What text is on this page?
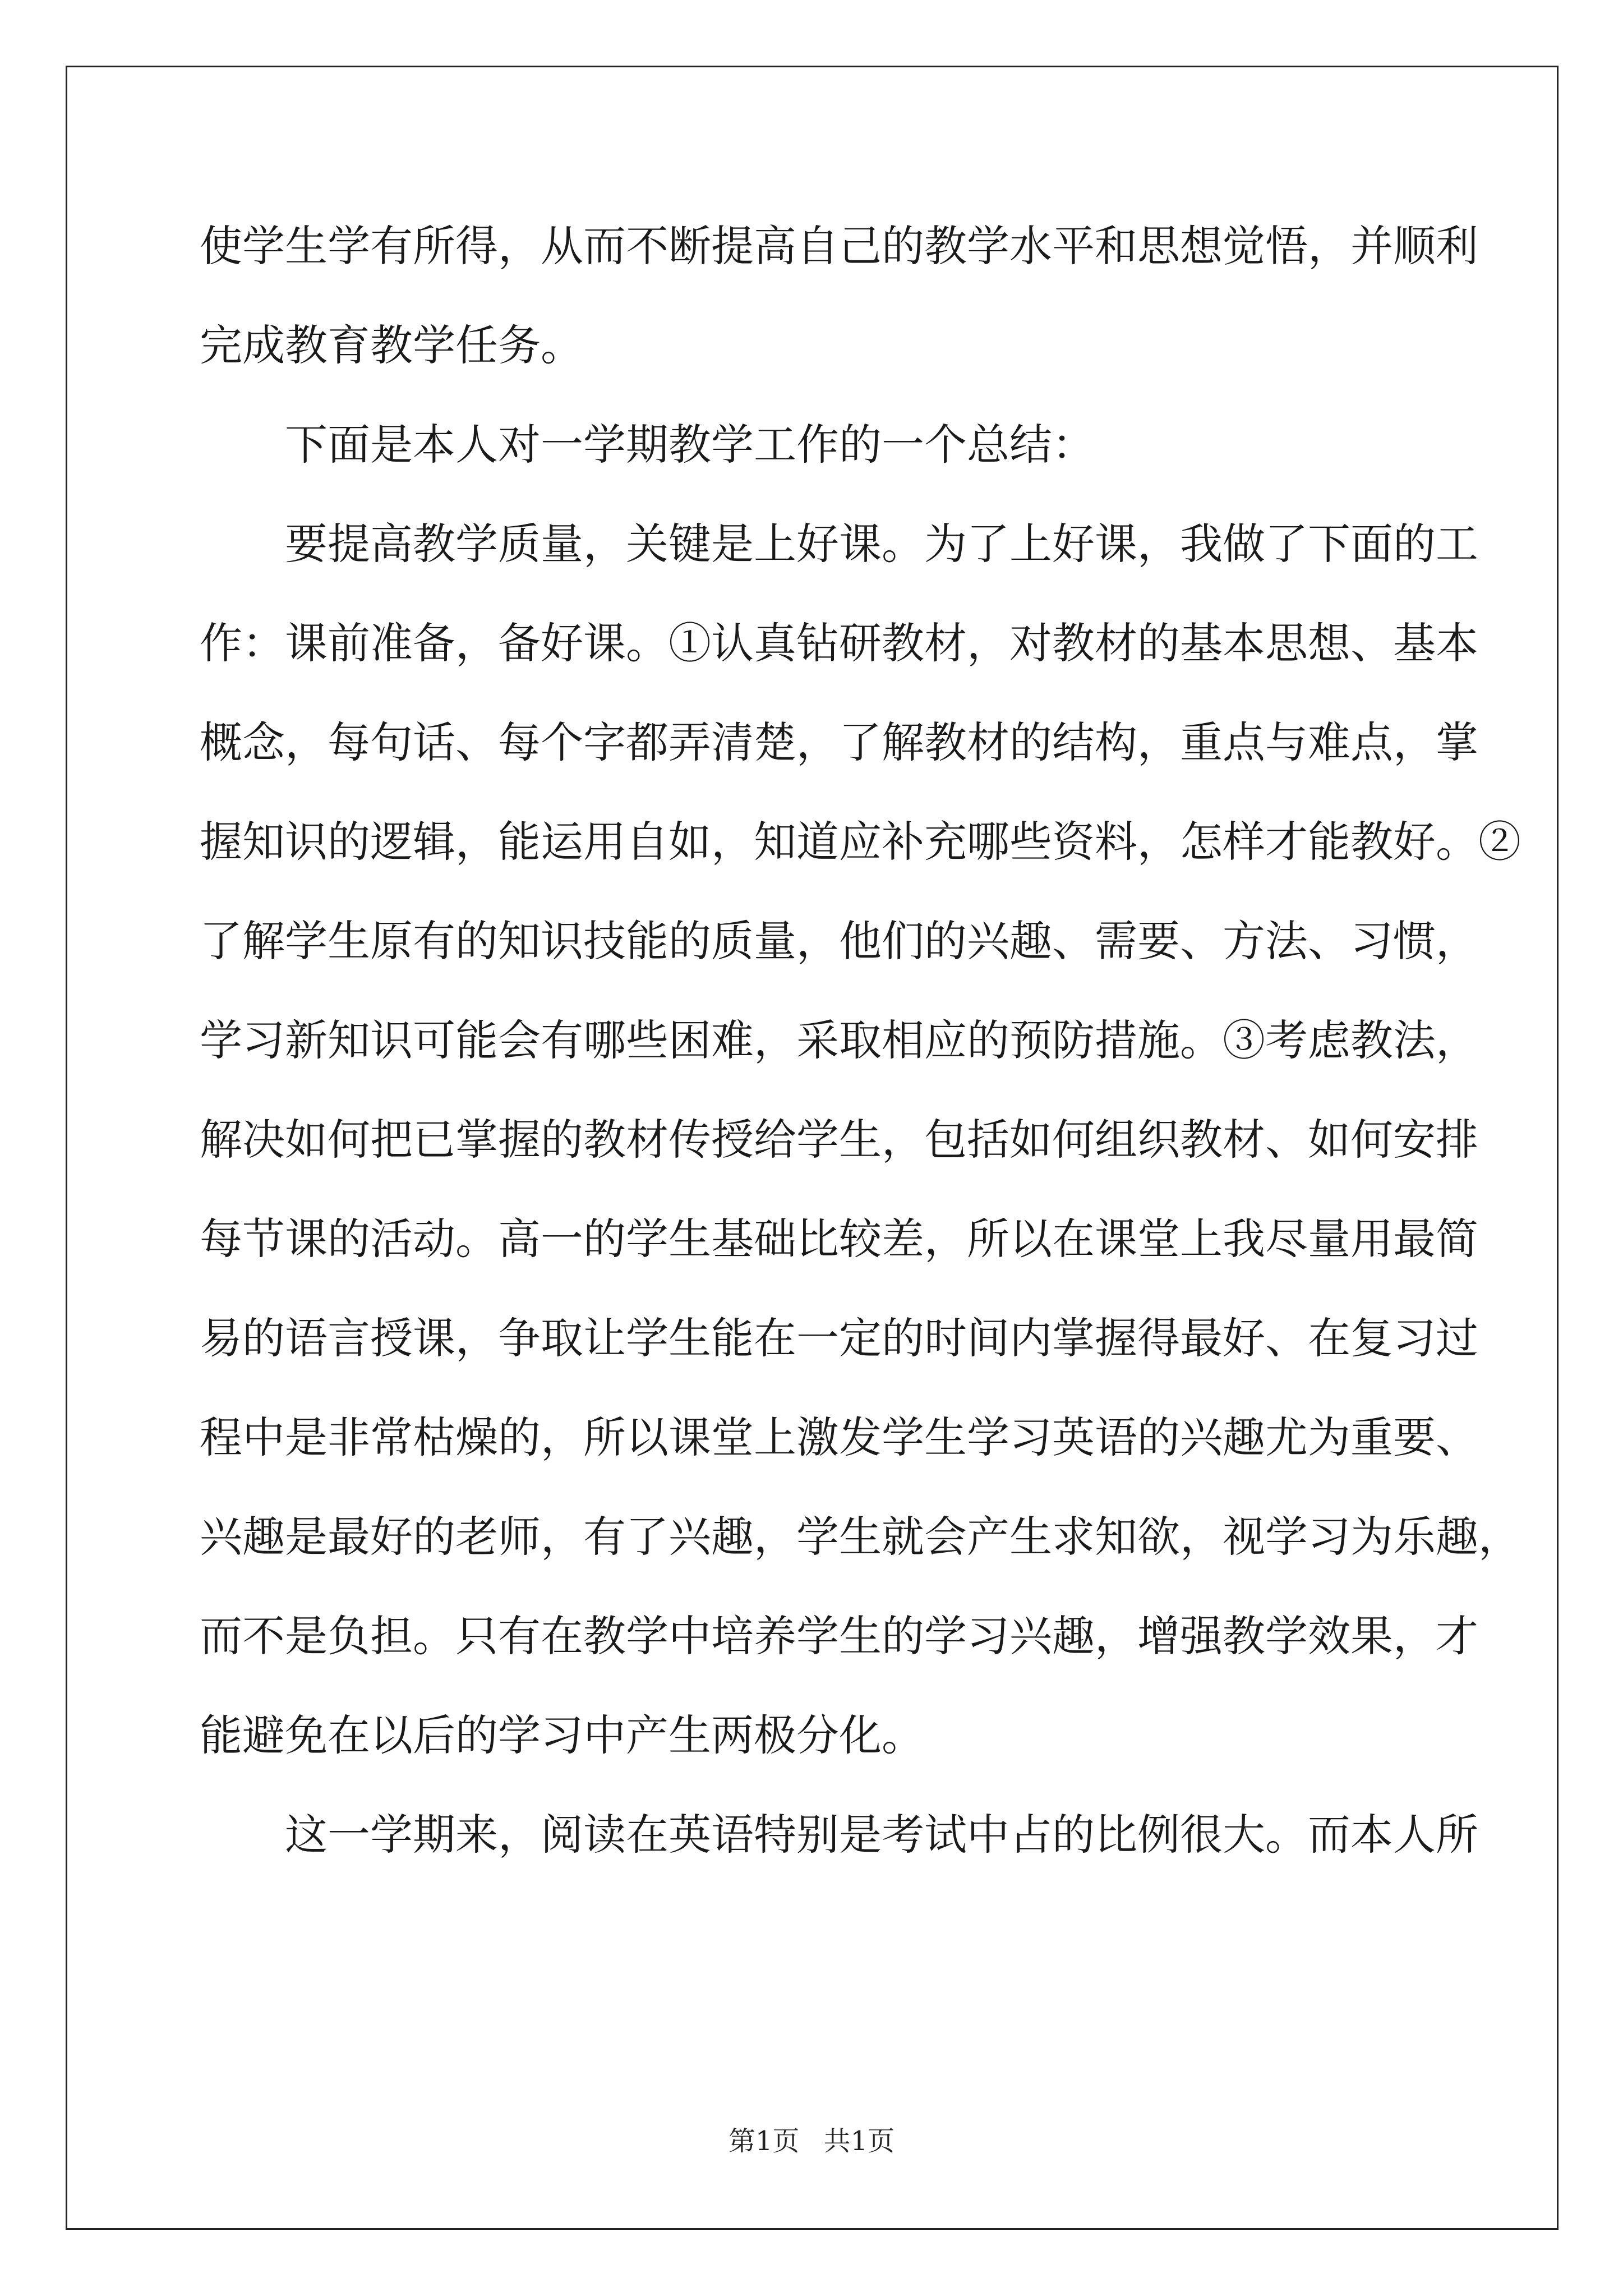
使学生学有所得，从而不断提高自己的教学水平和思想觉悟，并顺利
完成教育教学任务。
下面是本人对一学期教学工作的一个总结：
要提高教学质量，关键是上好课。为了上好课，我做了下面的工
作：课前准备，备好课。①认真钻研教材，对教材的基本思想、基本
概念，每句话、每个字都弄清楚，了解教材的结构，重点与难点，掌
握知识的逻辑，能运用自如，知道应补充哪些资料，怎样才能教好。②
了解学生原有的知识技能的质量，他们的兴趣、需要、方法、习惯，
学习新知识可能会有哪些困难，采取相应的预防措施。③考虑教法，
解决如何把已掌握的教材传授给学生，包括如何组织教材、如何安排
每节课的活动。高一的学生基础比较差，所以在课堂上我尽量用最简
易的语言授课，争取让学生能在一定的时间内掌握得最好、在复习过
程中是非常枯燥的，所以课堂上激发学生学习英语的兴趣尤为重要、
兴趣是最好的老师，有了兴趣，学生就会产生求知欲，视学习为乐趣，
而不是负担。只有在教学中培养学生的学习兴趣，增强教学效果，才
能避免在以后的学习中产生两极分化。
这一学期来，阅读在英语特别是考试中占的比例很大。而本人所
第1页 共1页
